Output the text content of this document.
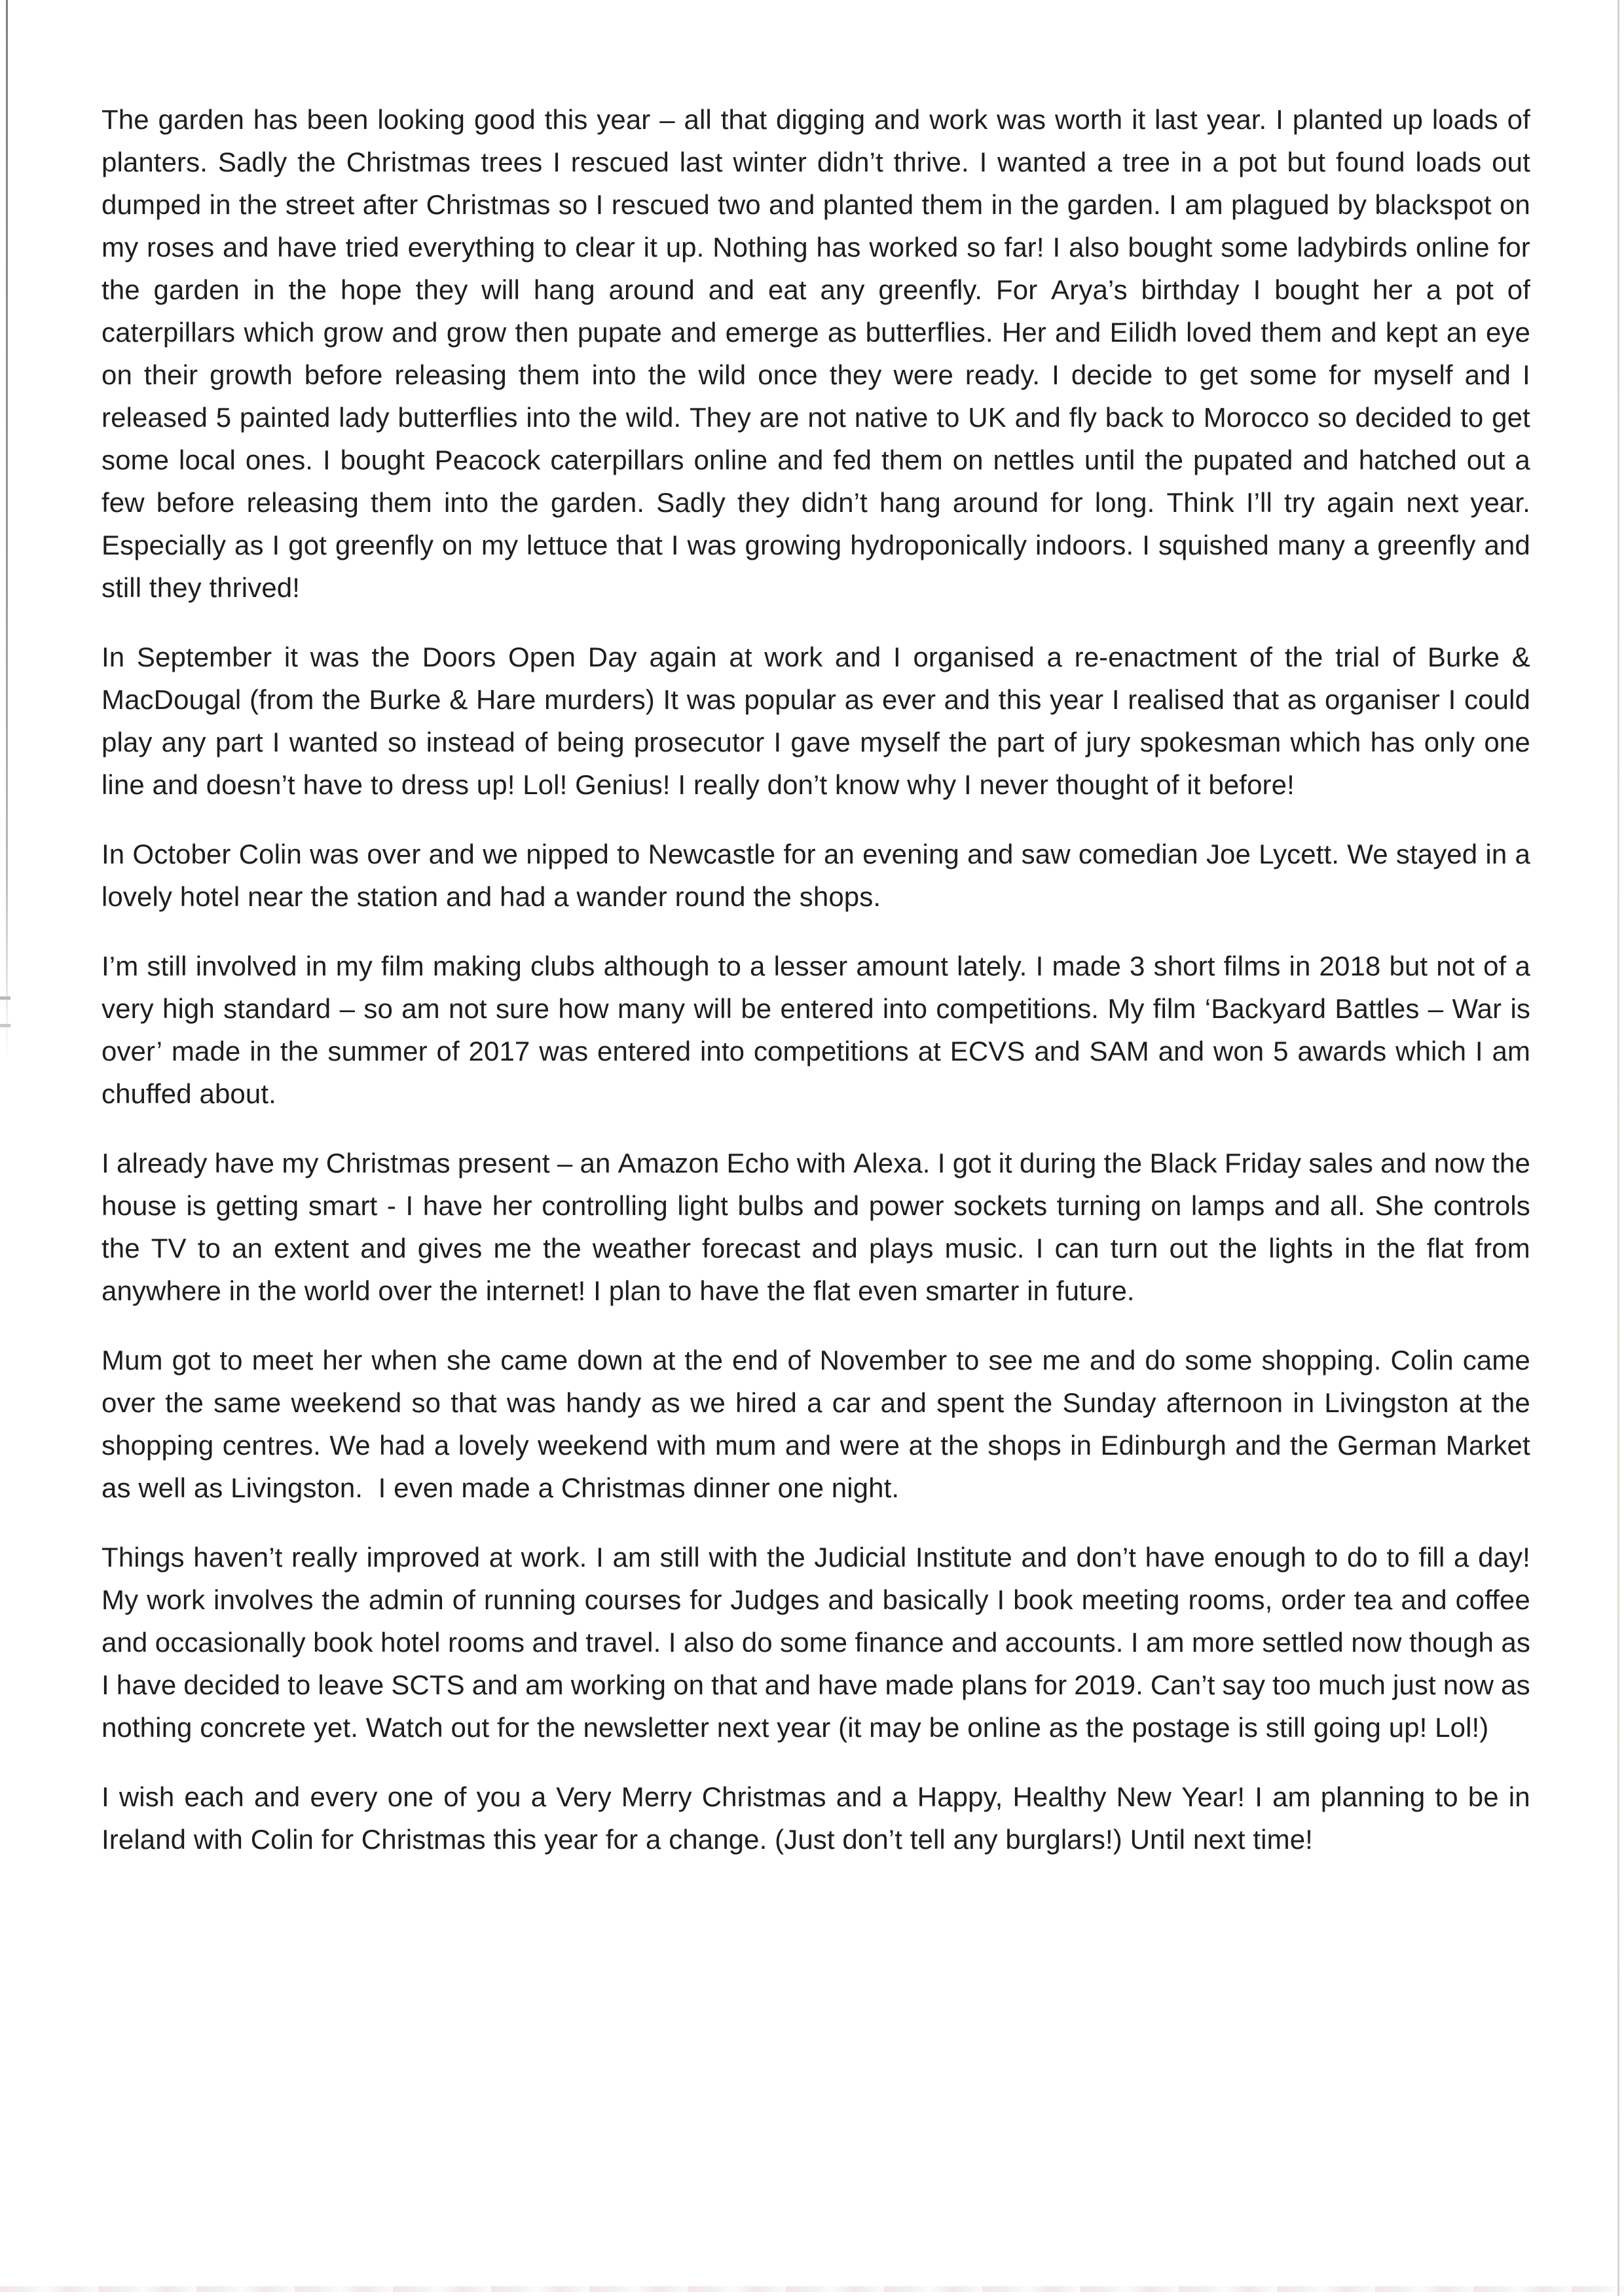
The garden has been looking good this year – all that digging and work was worth it last year. I planted up loads of
planters. Sadly the Christmas trees I rescued last winter didn’t thrive. I wanted a tree in a pot but found loads out
dumped in the street after Christmas so I rescued two and planted them in the garden. I am plagued by blackspot on
my roses and have tried everything to clear it up. Nothing has worked so far! I also bought some ladybirds online for
the garden in the hope they will hang around and eat any greenfly. For Arya’s birthday I bought her a pot of
caterpillars which grow and grow then pupate and emerge as butterflies. Her and Eilidh loved them and kept an eye
on their growth before releasing them into the wild once they were ready. I decide to get some for myself and I
released 5 painted lady butterflies into the wild. They are not native to UK and fly back to Morocco so decided to get
some local ones. I bought Peacock caterpillars online and fed them on nettles until the pupated and hatched out a
few before releasing them into the garden. Sadly they didn’t hang around for long. Think I’ll try again next year.
Especially as I got greenfly on my lettuce that I was growing hydroponically indoors. I squished many a greenfly and
still they thrived!
In September it was the Doors Open Day again at work and I organised a re-enactment of the trial of Burke &
MacDougal (from the Burke & Hare murders) It was popular as ever and this year I realised that as organiser I could
play any part I wanted so instead of being prosecutor I gave myself the part of jury spokesman which has only one
line and doesn’t have to dress up! Lol! Genius! I really don’t know why I never thought of it before!
In October Colin was over and we nipped to Newcastle for an evening and saw comedian Joe Lycett. We stayed in a
lovely hotel near the station and had a wander round the shops.
I’m still involved in my film making clubs although to a lesser amount lately. I made 3 short films in 2018 but not of a
very high standard – so am not sure how many will be entered into competitions. My film ‘Backyard Battles – War is
over’ made in the summer of 2017 was entered into competitions at ECVS and SAM and won 5 awards which I am
chuffed about.
I already have my Christmas present – an Amazon Echo with Alexa. I got it during the Black Friday sales and now the
house is getting smart - I have her controlling light bulbs and power sockets turning on lamps and all. She controls
the TV to an extent and gives me the weather forecast and plays music. I can turn out the lights in the flat from
anywhere in the world over the internet! I plan to have the flat even smarter in future.
Mum got to meet her when she came down at the end of November to see me and do some shopping. Colin came
over the same weekend so that was handy as we hired a car and spent the Sunday afternoon in Livingston at the
shopping centres. We had a lovely weekend with mum and were at the shops in Edinburgh and the German Market
as well as Livingston.  I even made a Christmas dinner one night.
Things haven’t really improved at work. I am still with the Judicial Institute and don’t have enough to do to fill a day!
My work involves the admin of running courses for Judges and basically I book meeting rooms, order tea and coffee
and occasionally book hotel rooms and travel. I also do some finance and accounts. I am more settled now though as
I have decided to leave SCTS and am working on that and have made plans for 2019. Can’t say too much just now as
nothing concrete yet. Watch out for the newsletter next year (it may be online as the postage is still going up! Lol!)
I wish each and every one of you a Very Merry Christmas and a Happy, Healthy New Year! I am planning to be in
Ireland with Colin for Christmas this year for a change. (Just don’t tell any burglars!) Until next time!
